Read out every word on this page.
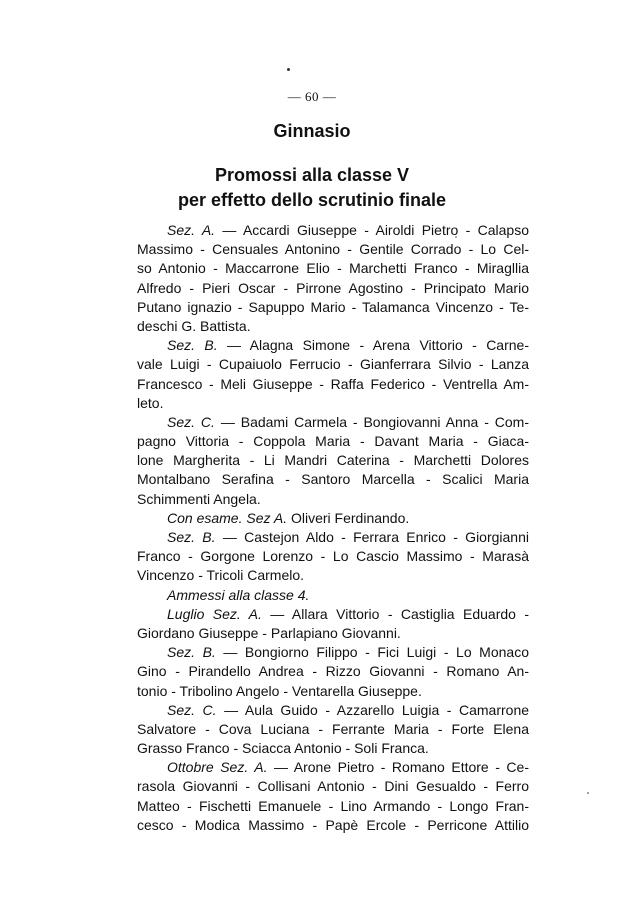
— 60 —
Ginnasio
Promossi alla classe V
per effetto dello scrutinio finale
Sez. A. — Accardi Giuseppe - Airoldi Pietro - Calapso
Massimo - Censuales Antonino - Gentile Corrado - Lo Cel-
so Antonio - Maccarrone Elio - Marchetti Franco - Miragllia
Alfredo - Pieri Oscar - Pirrone Agostino - Principato Mario
Putano ignazio - Sapuppo Mario - Talamanca Vincenzo - Te-
deschi G. Battista.
Sez. B. — Alagna Simone - Arena Vittorio - Carne-
vale Luigi - Cupaiuolo Ferrucio - Gianferrara Silvio - Lanza
Francesco - Meli Giuseppe - Raffa Federico - Ventrella Am-
leto.
Sez. C. — Badami Carmela - Bongiovanni Anna - Com-
pagno Vittoria - Coppola Maria - Davant Maria - Giaca-
lone Margherita - Li Mandri Caterina - Marchetti Dolores
Montalbano Serafina - Santoro Marcella - Scalici Maria
Schimmenti Angela.
Con esame. Sez A. Oliveri Ferdinando.
Sez. B. — Castejon Aldo - Ferrara Enrico - Giorgianni
Franco - Gorgone Lorenzo - Lo Cascio Massimo - Marasà
Vincenzo - Tricoli Carmelo.
Ammessi alla classe 4.
Luglio Sez. A. — Allara Vittorio - Castiglia Eduardo -
Giordano Giuseppe - Parlapiano Giovanni.
Sez. B. — Bongiorno Filippo - Fici Luigi - Lo Monaco
Gino - Pirandello Andrea - Rizzo Giovanni - Romano An-
tonio - Tribolino Angelo - Ventarella Giuseppe.
Sez. C. — Aula Guido - Azzarello Luigia - Camarrone
Salvatore - Cova Luciana - Ferrante Maria - Forte Elena
Grasso Franco - Sciacca Antonio - Soli Franca.
Ottobre Sez. A. — Arone Pietro - Romano Ettore - Ce-
rasola Giovanni - Collisani Antonio - Dini Gesualdo - Ferro
Matteo - Fischetti Emanuele - Lino Armando - Longo Fran-
cesco - Modica Massimo - Papè Ercole - Perricone Attilio
